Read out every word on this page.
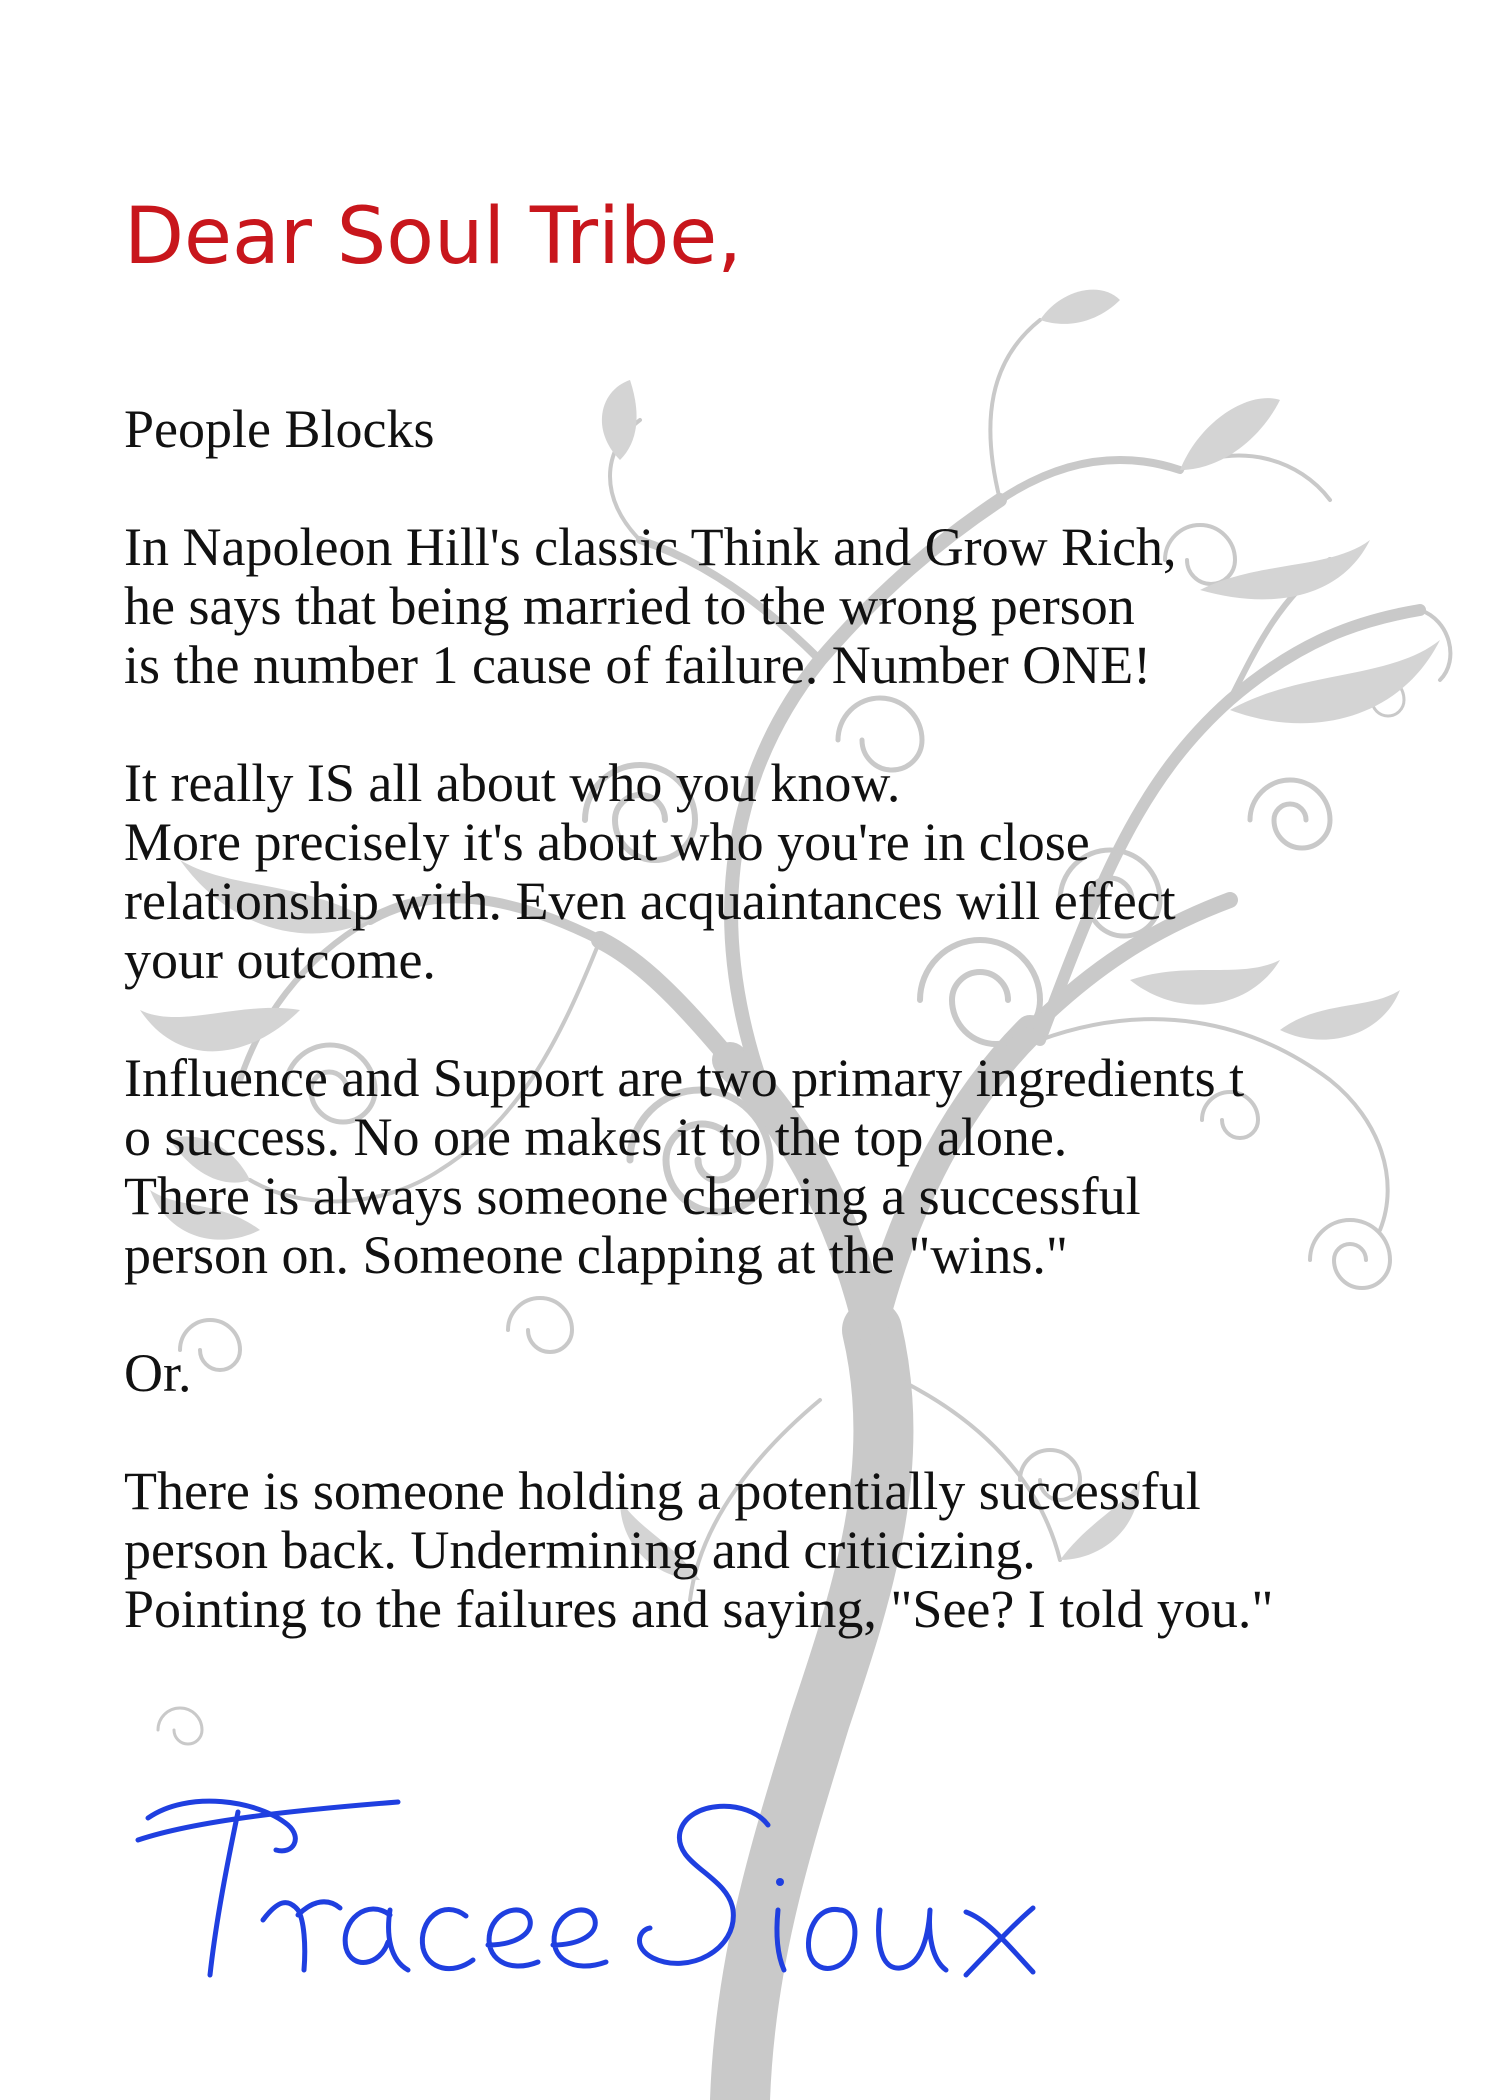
Dear Soul Tribe,

People Blocks

In Napoleon Hill's classic Think and Grow Rich,
he says that being married to the wrong person
is the number 1 cause of failure. Number ONE!

It really IS all about who you know.
More precisely it's about who you're in close
relationship with. Even acquaintances will effect
your outcome.

Influence and Support are two primary ingredients t
o success. No one makes it to the top alone.
There is always someone cheering a successful
person on. Someone clapping at the "wins."

Or.

There is someone holding a potentially successful
person back. Undermining and criticizing.
Pointing to the failures and saying, "See? I told you."
